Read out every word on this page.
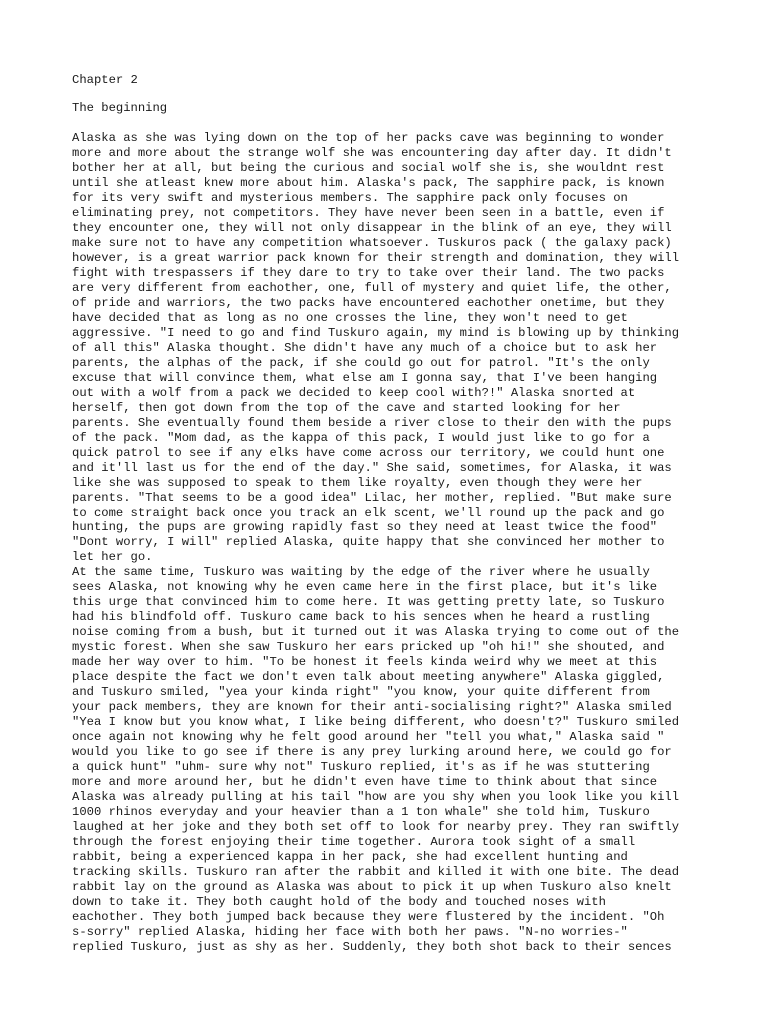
Chapter 2
The beginning
Alaska as she was lying down on the top of her packs cave was beginning to wonder
more and more about the strange wolf she was encountering day after day. It didn't
bother her at all, but being the curious and social wolf she is, she wouldnt rest
until she atleast knew more about him. Alaska's pack, The sapphire pack, is known
for its very swift and mysterious members. The sapphire pack only focuses on
eliminating prey, not competitors. They have never been seen in a battle, even if
they encounter one, they will not only disappear in the blink of an eye, they will
make sure not to have any competition whatsoever. Tuskuros pack ( the galaxy pack)
however, is a great warrior pack known for their strength and domination, they will
fight with trespassers if they dare to try to take over their land. The two packs
are very different from eachother, one, full of mystery and quiet life, the other,
of pride and warriors, the two packs have encountered eachother onetime, but they
have decided that as long as no one crosses the line, they won't need to get
aggressive. "I need to go and find Tuskuro again, my mind is blowing up by thinking
of all this" Alaska thought. She didn't have any much of a choice but to ask her
parents, the alphas of the pack, if she could go out for patrol. "It's the only
excuse that will convince them, what else am I gonna say, that I've been hanging
out with a wolf from a pack we decided to keep cool with?!" Alaska snorted at
herself, then got down from the top of the cave and started looking for her
parents. She eventually found them beside a river close to their den with the pups
of the pack. "Mom dad, as the kappa of this pack, I would just like to go for a
quick patrol to see if any elks have come across our territory, we could hunt one
and it'll last us for the end of the day." She said, sometimes, for Alaska, it was
like she was supposed to speak to them like royalty, even though they were her
parents. "That seems to be a good idea" Lilac, her mother, replied. "But make sure
to come straight back once you track an elk scent, we'll round up the pack and go
hunting, the pups are growing rapidly fast so they need at least twice the food"
"Dont worry, I will" replied Alaska, quite happy that she convinced her mother to
let her go.
At the same time, Tuskuro was waiting by the edge of the river where he usually
sees Alaska, not knowing why he even came here in the first place, but it's like
this urge that convinced him to come here. It was getting pretty late, so Tuskuro
had his blindfold off. Tuskuro came back to his sences when he heard a rustling
noise coming from a bush, but it turned out it was Alaska trying to come out of the
mystic forest. When she saw Tuskuro her ears pricked up "oh hi!" she shouted, and
made her way over to him. "To be honest it feels kinda weird why we meet at this
place despite the fact we don't even talk about meeting anywhere" Alaska giggled,
and Tuskuro smiled, "yea your kinda right" "you know, your quite different from
your pack members, they are known for their anti-socialising right?" Alaska smiled
"Yea I know but you know what, I like being different, who doesn't?" Tuskuro smiled
once again not knowing why he felt good around her "tell you what," Alaska said "
would you like to go see if there is any prey lurking around here, we could go for
a quick hunt" "uhm- sure why not" Tuskuro replied, it's as if he was stuttering
more and more around her, but he didn't even have time to think about that since
Alaska was already pulling at his tail "how are you shy when you look like you kill
1000 rhinos everyday and your heavier than a 1 ton whale" she told him, Tuskuro
laughed at her joke and they both set off to look for nearby prey. They ran swiftly
through the forest enjoying their time together. Aurora took sight of a small
rabbit, being a experienced kappa in her pack, she had excellent hunting and
tracking skills. Tuskuro ran after the rabbit and killed it with one bite. The dead
rabbit lay on the ground as Alaska was about to pick it up when Tuskuro also knelt
down to take it. They both caught hold of the body and touched noses with
eachother. They both jumped back because they were flustered by the incident. "Oh
s-sorry" replied Alaska, hiding her face with both her paws. "N-no worries-"
replied Tuskuro, just as shy as her. Suddenly, they both shot back to their sences
